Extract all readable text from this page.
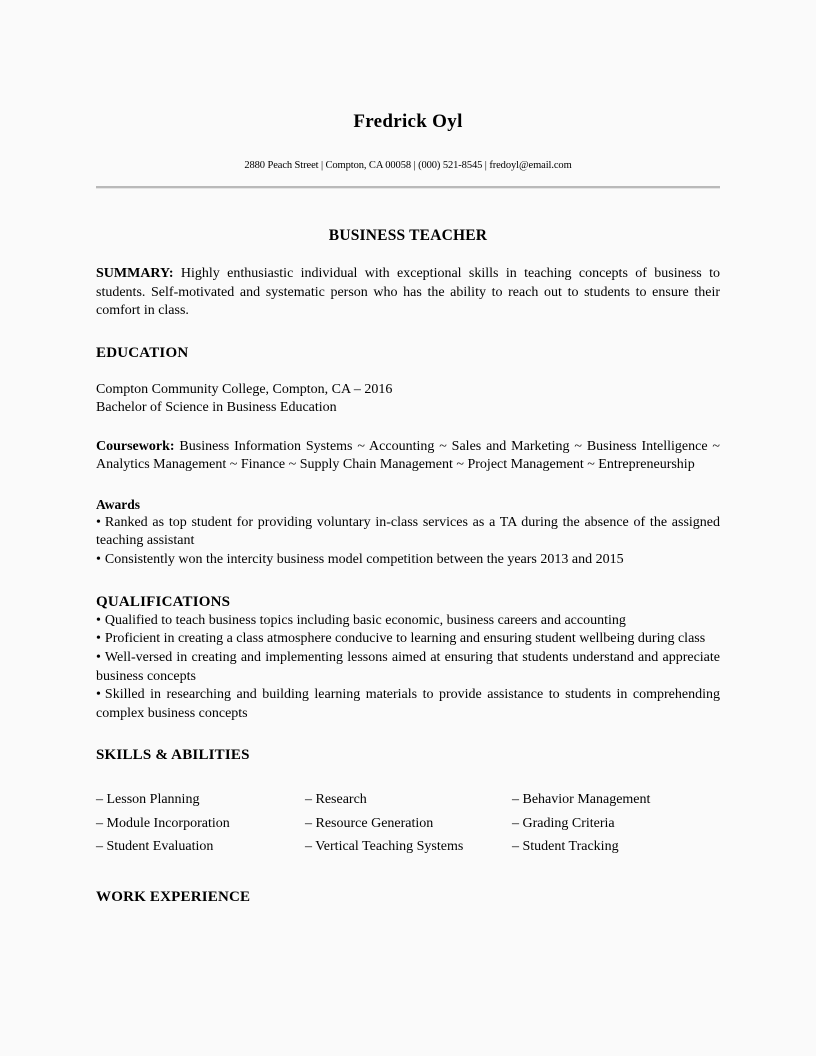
Fredrick Oyl
2880 Peach Street | Compton, CA 00058 | (000) 521-8545 | fredoyl@email.com
BUSINESS TEACHER
SUMMARY: Highly enthusiastic individual with exceptional skills in teaching concepts of business to students. Self-motivated and systematic person who has the ability to reach out to students to ensure their comfort in class.
EDUCATION
Compton Community College, Compton, CA – 2016
Bachelor of Science in Business Education
Coursework: Business Information Systems ~ Accounting ~ Sales and Marketing ~ Business Intelligence ~ Analytics Management ~ Finance ~ Supply Chain Management ~ Project Management ~ Entrepreneurship
Awards
• Ranked as top student for providing voluntary in-class services as a TA during the absence of the assigned teaching assistant
• Consistently won the intercity business model competition between the years 2013 and 2015
QUALIFICATIONS
• Qualified to teach business topics including basic economic, business careers and accounting
• Proficient in creating a class atmosphere conducive to learning and ensuring student wellbeing during class
• Well-versed in creating and implementing lessons aimed at ensuring that students understand and appreciate business concepts
• Skilled in researching and building learning materials to provide assistance to students in comprehending complex business concepts
SKILLS & ABILITIES
– Lesson Planning	– Research	– Behavior Management
– Module Incorporation	– Resource Generation	– Grading Criteria
– Student Evaluation	– Vertical Teaching Systems	– Student Tracking
WORK EXPERIENCE
